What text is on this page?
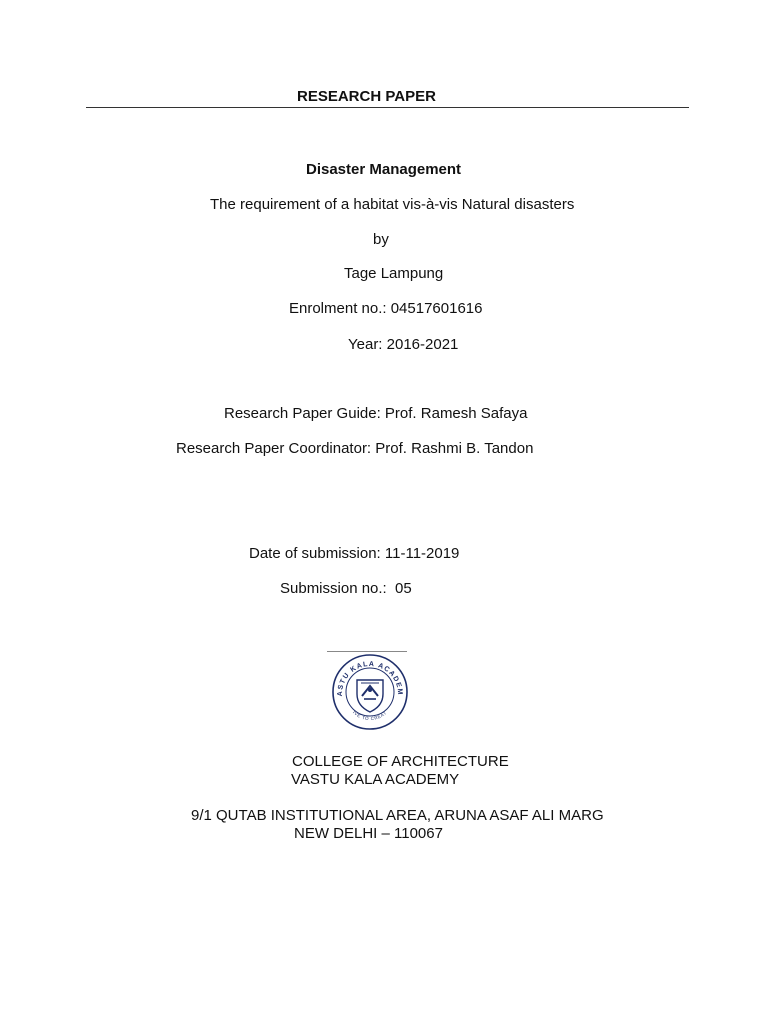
RESEARCH PAPER
Disaster Management
The requirement of a habitat vis-à-vis Natural disasters
by
Tage Lampung
Enrolment no.: 04517601616
Year: 2016-2021
Research Paper Guide: Prof. Ramesh Safaya
Research Paper Coordinator: Prof. Rashmi B. Tandon
Date of submission: 11-11-2019
Submission no.:  05
ASTU KALA ACADEM
IVE TO CREAT
COLLEGE OF ARCHITECTURE
VASTU KALA ACADEMY
9/1 QUTAB INSTITUTIONAL AREA, ARUNA ASAF ALI MARG
NEW DELHI – 110067
